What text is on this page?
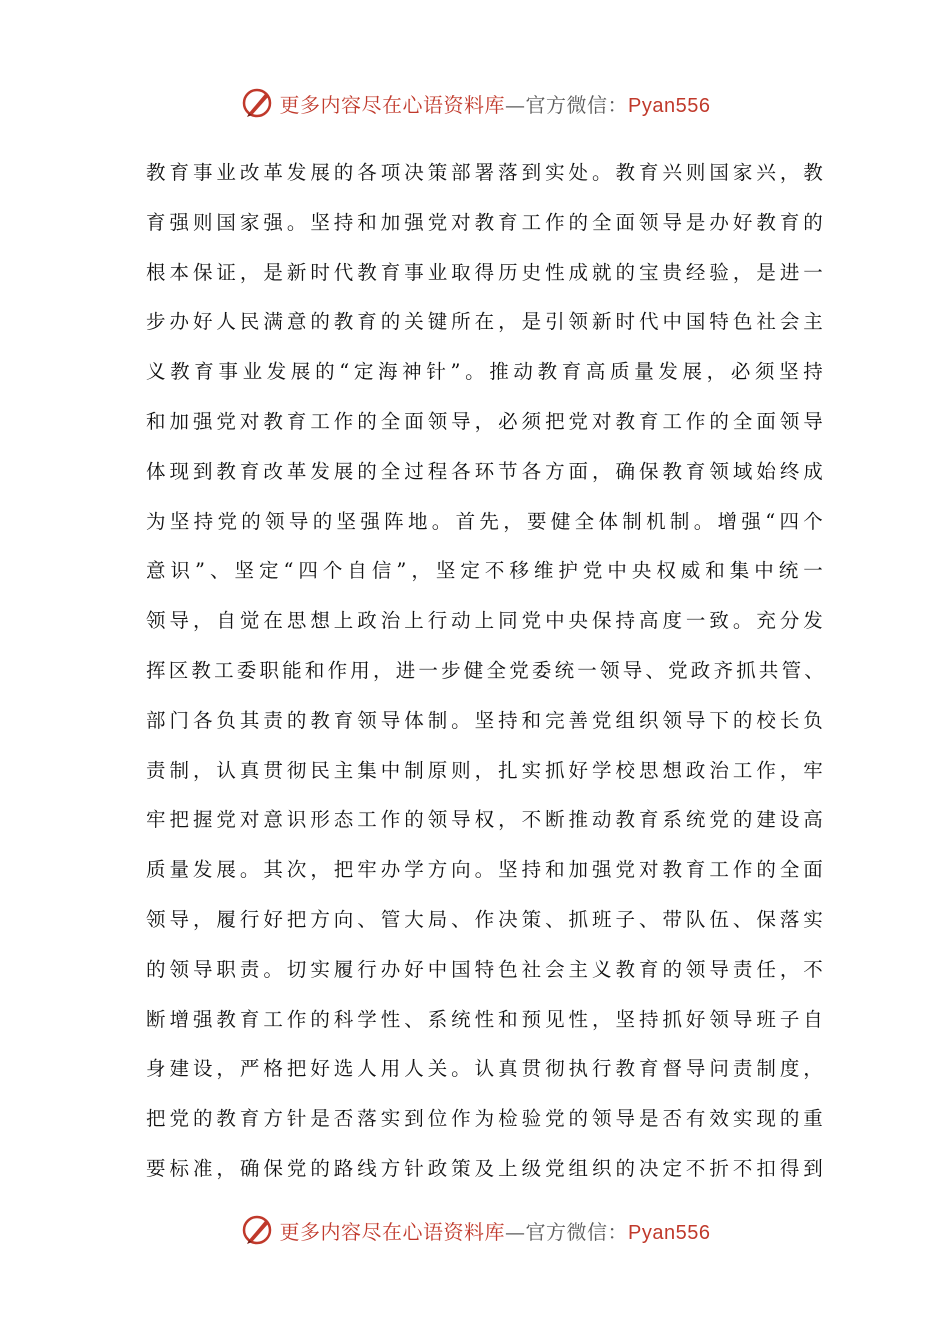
更多内容尽在心语资料库—官方微信：Pyan556
教育事业改革发展的各项决策部署落到实处。教育兴则国家兴，教
育强则国家强。坚持和加强党对教育工作的全面领导是办好教育的
根本保证，是新时代教育事业取得历史性成就的宝贵经验，是进一
步办好人民满意的教育的关键所在，是引领新时代中国特色社会主
义教育事业发展的“定海神针”。推动教育高质量发展，必须坚持
和加强党对教育工作的全面领导，必须把党对教育工作的全面领导
体现到教育改革发展的全过程各环节各方面，确保教育领域始终成
为坚持党的领导的坚强阵地。首先，要健全体制机制。增强“四个
意识”、坚定“四个自信”，坚定不移维护党中央权威和集中统一
领导，自觉在思想上政治上行动上同党中央保持高度一致。充分发
挥区教工委职能和作用，进一步健全党委统一领导、党政齐抓共管、
部门各负其责的教育领导体制。坚持和完善党组织领导下的校长负
责制，认真贯彻民主集中制原则，扎实抓好学校思想政治工作，牢
牢把握党对意识形态工作的领导权，不断推动教育系统党的建设高
质量发展。其次，把牢办学方向。坚持和加强党对教育工作的全面
领导，履行好把方向、管大局、作决策、抓班子、带队伍、保落实
的领导职责。切实履行办好中国特色社会主义教育的领导责任，不
断增强教育工作的科学性、系统性和预见性，坚持抓好领导班子自
身建设，严格把好选人用人关。认真贯彻执行教育督导问责制度，
把党的教育方针是否落实到位作为检验党的领导是否有效实现的重
要标准，确保党的路线方针政策及上级党组织的决定不折不扣得到
更多内容尽在心语资料库—官方微信：Pyan556
